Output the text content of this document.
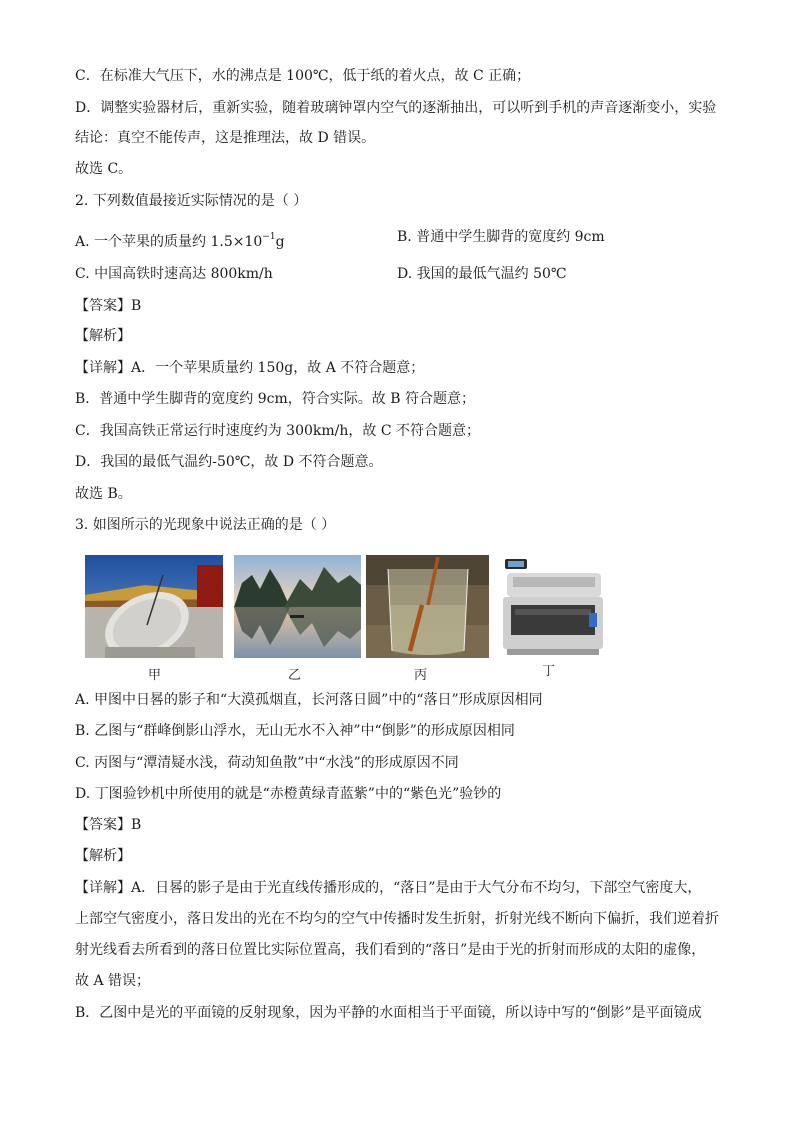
C．在标准大气压下，水的沸点是 100℃，低于纸的着火点，故 C 正确；
D．调整实验器材后，重新实验，随着玻璃钟罩内空气的逐渐抽出，可以听到手机的声音逐渐变小，实验
结论：真空不能传声，这是推理法，故 D 错误。
故选 C。
2. 下列数值最接近实际情况的是（ ）
A. 一个苹果的质量约 $1.5\times 10^{-1}g$	B. 普通中学生脚背的宽度约 9cm
C. 中国高铁时速高达 800km/h	D. 我国的最低气温约 50℃
【答案】B
【解析】
【详解】A．一个苹果质量约 150g，故 A 不符合题意；
B．普通中学生脚背的宽度约 9cm，符合实际。故 B 符合题意；
C．我国高铁正常运行时速度约为 300km/h，故 C 不符合题意；
D．我国的最低气温约-50℃，故 D 不符合题意。
故选 B。
3. 如图所示的光现象中说法正确的是（ ）
甲	乙	丙	丁
A. 甲图中日晷的影子和“大漠孤烟直，长河落日圆”中的“落日”形成原因相同
B. 乙图与“群峰倒影山浮水，无山无水不入神”中“倒影”的形成原因相同
C. 丙图与“潭清疑水浅，荷动知鱼散”中“水浅”的形成原因不同
D. 丁图验钞机中所使用的就是“赤橙黄绿青蓝紫”中的“紫色光”验钞的
【答案】B
【解析】
【详解】A．日晷的影子是由于光直线传播形成的，“落日”是由于大气分布不均匀，下部空气密度大，
上部空气密度小，落日发出的光在不均匀的空气中传播时发生折射，折射光线不断向下偏折，我们逆着折
射光线看去所看到的落日位置比实际位置高，我们看到的“落日”是由于光的折射而形成的太阳的虚像，
故 A 错误；
B．乙图中是光的平面镜的反射现象，因为平静的水面相当于平面镜，所以诗中写的“倒影”是平面镜成
